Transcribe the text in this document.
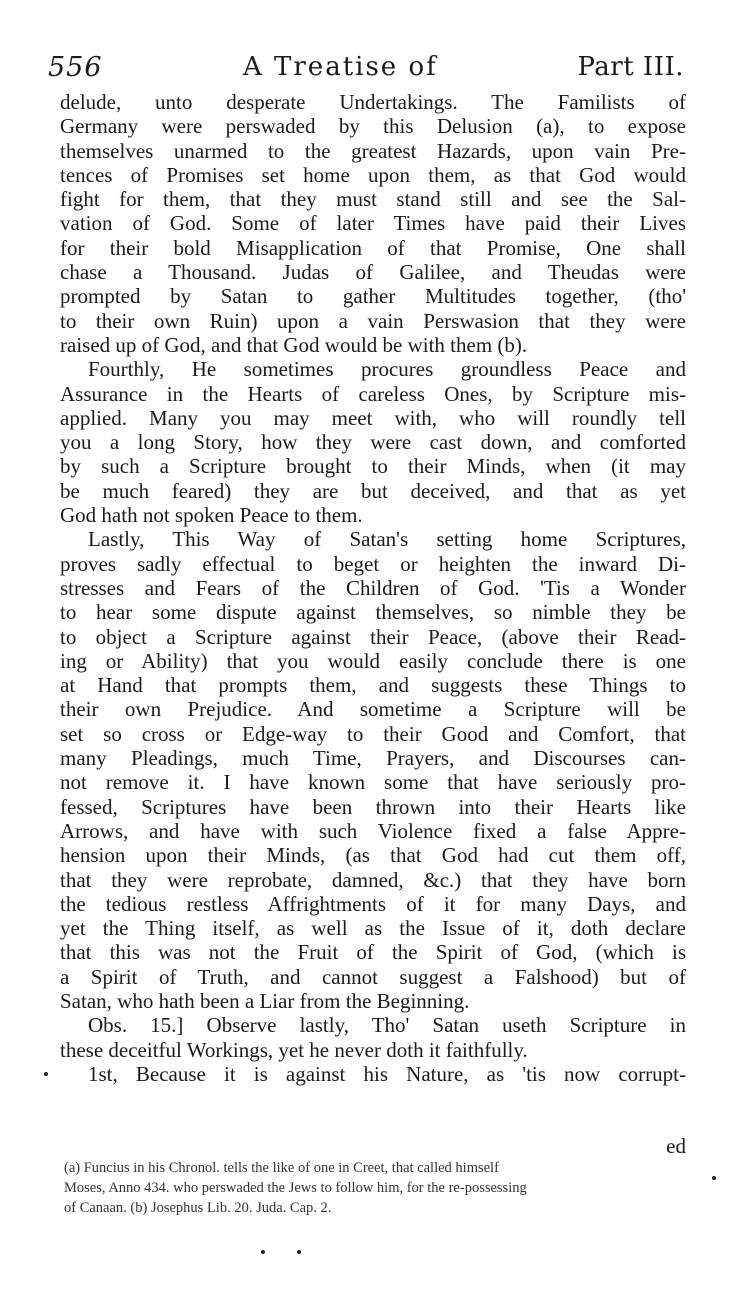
556	A Treatise of	Part III.
delude, unto desperate Undertakings. The Familists of
Germany were perswaded by this Delusion (a), to expose
themselves unarmed to the greatest Hazards, upon vain Pre-
tences of Promises set home upon them, as that God would
fight for them, that they must stand still and see the Sal-
vation of God. Some of later Times have paid their Lives
for their bold Misapplication of that Promise, One shall
chase a Thousand. Judas of Galilee, and Theudas were
prompted by Satan to gather Multitudes together, (tho'
to their own Ruin) upon a vain Perswasion that they were
raised up of God, and that God would be with them (b).
Fourthly, He sometimes procures groundless Peace and
Assurance in the Hearts of careless Ones, by Scripture mis-
applied. Many you may meet with, who will roundly tell
you a long Story, how they were cast down, and comforted
by such a Scripture brought to their Minds, when (it may
be much feared) they are but deceived, and that as yet
God hath not spoken Peace to them.
Lastly, This Way of Satan's setting home Scriptures,
proves sadly effectual to beget or heighten the inward Di-
stresses and Fears of the Children of God. 'Tis a Wonder
to hear some dispute against themselves, so nimble they be
to object a Scripture against their Peace, (above their Read-
ing or Ability) that you would easily conclude there is one
at Hand that prompts them, and suggests these Things to
their own Prejudice. And sometime a Scripture will be
set so cross or Edge-way to their Good and Comfort, that
many Pleadings, much Time, Prayers, and Discourses can-
not remove it. I have known some that have seriously pro-
fessed, Scriptures have been thrown into their Hearts like
Arrows, and have with such Violence fixed a false Appre-
hension upon their Minds, (as that God had cut them off,
that they were reprobate, damned, &c.) that they have born
the tedious restless Affrightments of it for many Days, and
yet the Thing itself, as well as the Issue of it, doth declare
that this was not the Fruit of the Spirit of God, (which is
a Spirit of Truth, and cannot suggest a Falshood) but of
Satan, who hath been a Liar from the Beginning.
Obs. 15.] Observe lastly, Tho' Satan useth Scripture in
these deceitful Workings, yet he never doth it faithfully.
1st, Because it is against his Nature, as 'tis now corrupt-
ed
(a) Funcius in his Chronol. tells the like of one in Creet, that called himself
Moses, Anno 434. who perswaded the Jews to follow him, for the re-possessing
of Canaan. (b) Josephus Lib. 20. Juda. Cap. 2.
